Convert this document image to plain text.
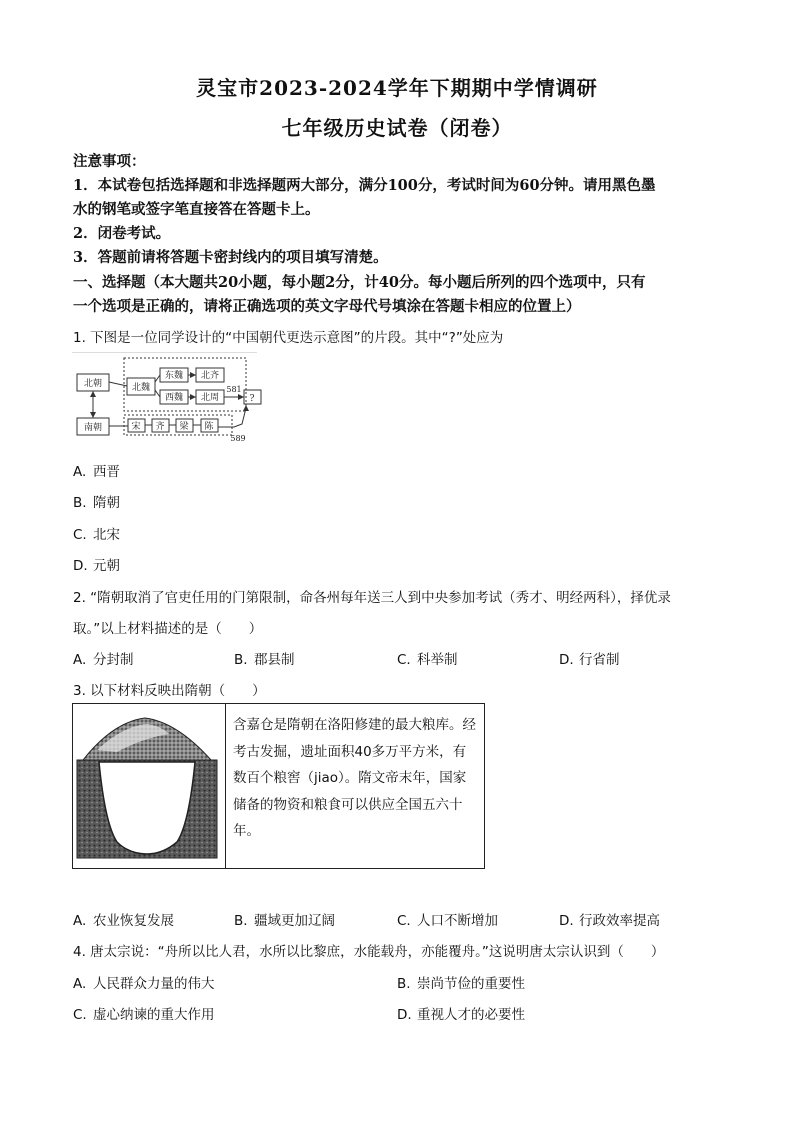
灵宝市2023-2024学年下期期中学情调研
七年级历史试卷（闭卷）
注意事项：
1．本试卷包括选择题和非选择题两大部分，满分100分，考试时间为60分钟。请用黑色墨
水的钢笔或签字笔直接答在答题卡上。
2．闭卷考试。
3．答题前请将答题卡密封线内的项目填写清楚。
一、选择题（本大题共20小题，每小题2分，计40分。每小题后所列的四个选项中，只有
一个选项是正确的，请将正确选项的英文字母代号填涂在答题卡相应的位置上）
1. 下图是一位同学设计的“中国朝代更迭示意图”的片段。其中“?”处应为
北朝
南朝
北魏
东魏
西魏
北齐
北周	?
581
宋 齐 梁 陈
589
A. 西晋
B. 隋朝
C. 北宋
D. 元朝
2. “隋朝取消了官吏任用的门第限制，命各州每年送三人到中央参加考试（秀才、明经两科），择优录
取。”以上材料描述的是（　　）
A. 分封制	B. 郡县制	C. 科举制	D. 行省制
3. 以下材料反映出隋朝（　　）
含嘉仓是隋朝在洛阳修建的最大粮库。经考古发掘，遗址面积40多万平方米，有数百个粮窖（jiao）。隋文帝末年，国家储备的物资和粮食可以供应全国五六十年。
A. 农业恢复发展	B. 疆域更加辽阔	C. 人口不断增加	D. 行政效率提高
4. 唐太宗说：“舟所以比人君，水所以比黎庶，水能载舟，亦能覆舟。”这说明唐太宗认识到（　　）
A. 人民群众力量的伟大	B. 崇尚节俭的重要性
C. 虚心纳谏的重大作用	D. 重视人才的必要性
